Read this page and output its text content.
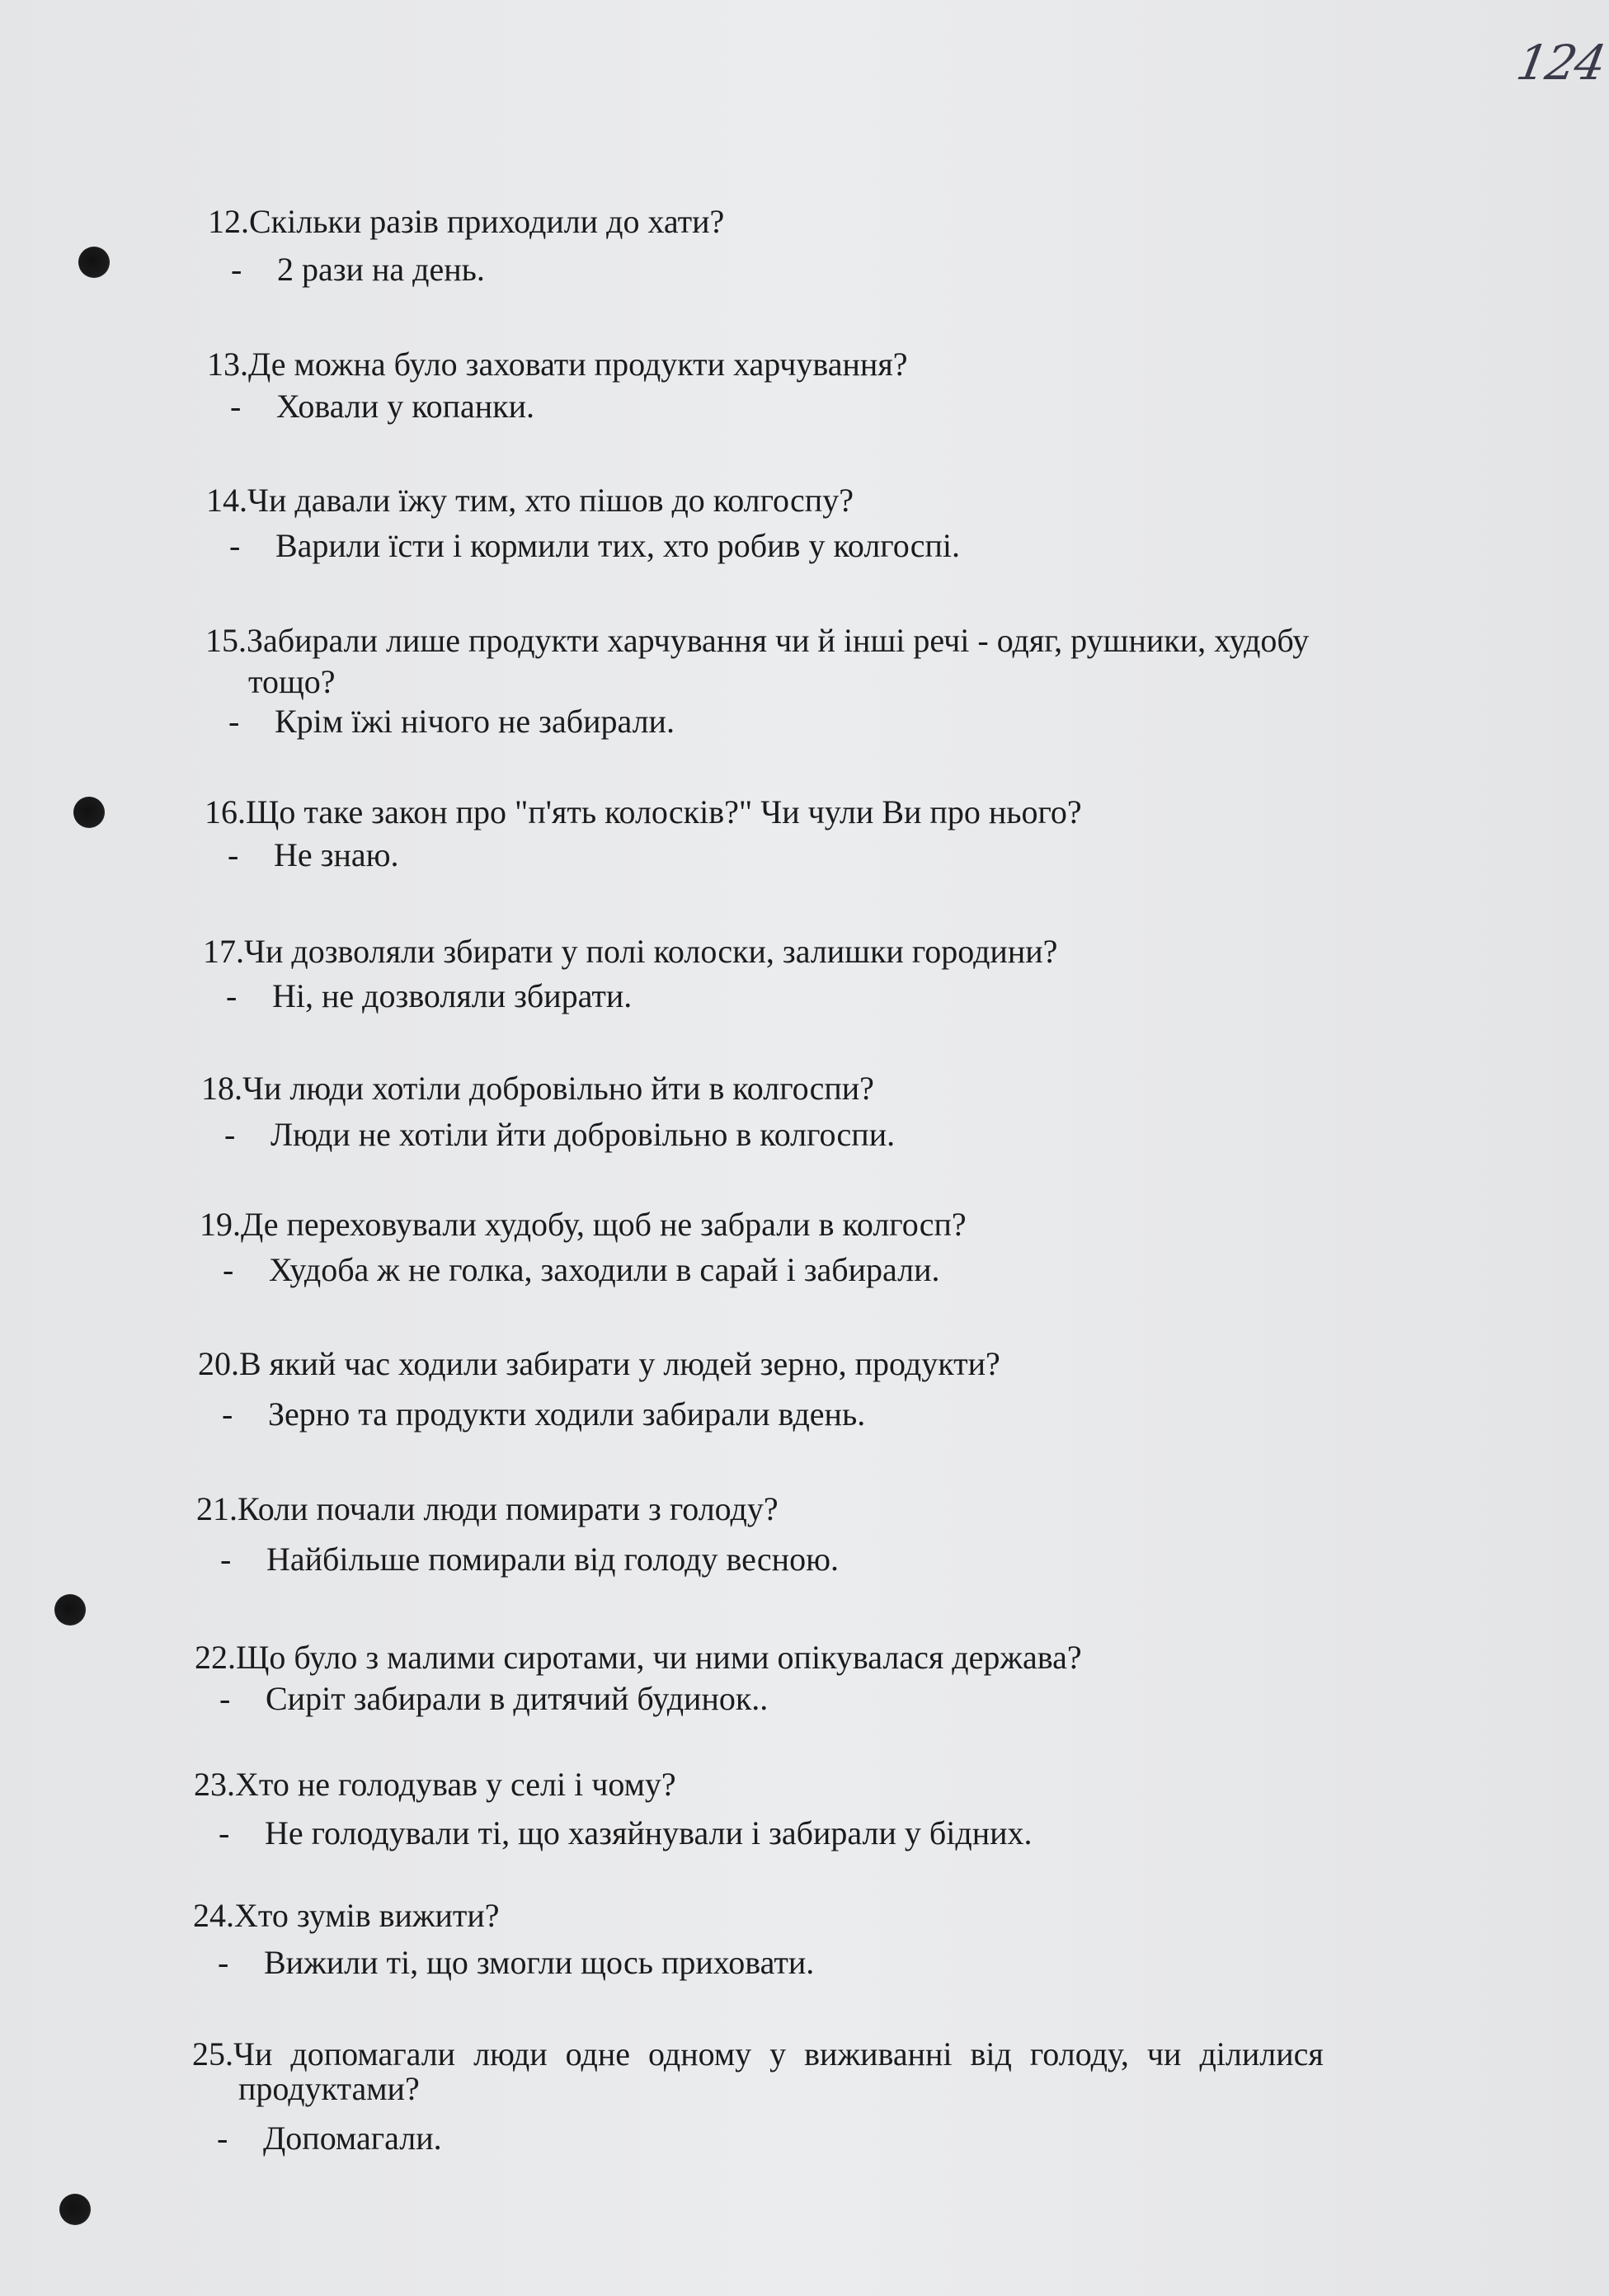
124
12.Скільки разів приходили до хати?
- 2 рази на день.
13.Де можна було заховати продукти харчування?
- Ховали у копанки.
14.Чи давали їжу тим, хто пішов до колгоспу?
- Варили їсти і кормили тих, хто робив у колгоспі.
15.Забирали лише продукти харчування чи й інші речі - одяг, рушники, худобу
тощо?
- Крім їжі нічого не забирали.
16.Що таке закон про "п'ять колосків?" Чи чули Ви про нього?
- Не знаю.
17.Чи дозволяли збирати у полі колоски, залишки городини?
- Ні, не дозволяли збирати.
18.Чи люди хотіли добровільно йти в колгоспи?
- Люди не хотіли йти добровільно в колгоспи.
19.Де переховували худобу, щоб не забрали в колгосп?
- Худоба ж не голка, заходили в сарай і забирали.
20.В який час ходили забирати у людей зерно, продукти?
- Зерно та продукти ходили забирали вдень.
21.Коли почали люди помирати з голоду?
- Найбільше помирали від голоду весною.
22.Що було з малими сиротами, чи ними опікувалася держава?
- Сиріт забирали в дитячий будинок..
23.Хто не голодував у селі і чому?
- Не голодували ті, що хазяйнували і забирали у бідних.
24.Хто зумів вижити?
- Вижили ті, що змогли щось приховати.
25.Чи допомагали люди одне одному у виживанні від голоду, чи ділилися
продуктами?
- Допомагали.
